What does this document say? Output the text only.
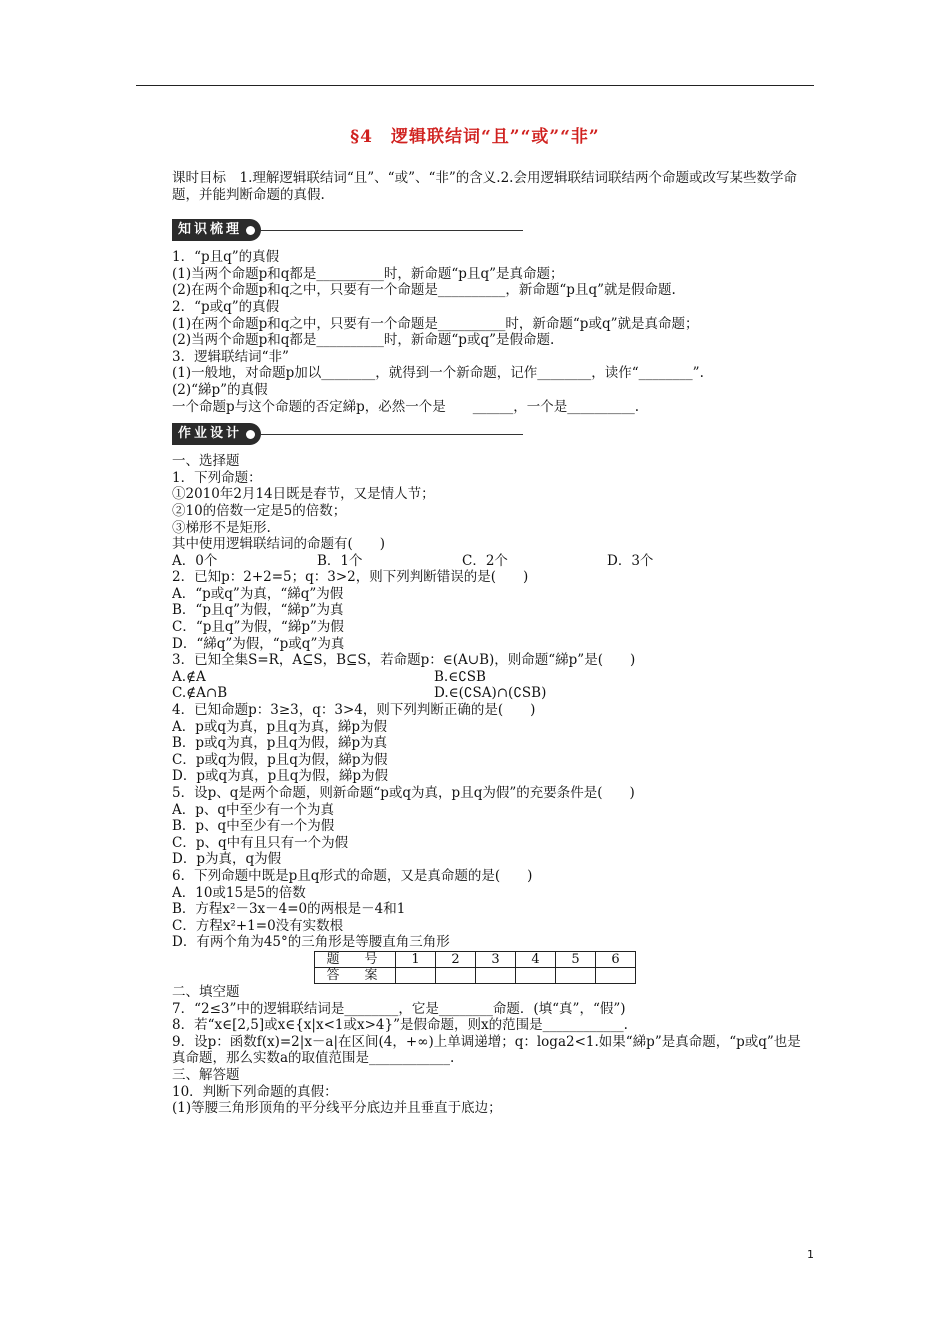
§4　逻辑联结词“且”“或”“非”
课时目标　1.理解逻辑联结词“且”、“或”、“非”的含义.2.会用逻辑联结词联结两个命题或改写某些数学命题，并能判断命题的真假.
知识梳理
1．“p且q”的真假
(1)当两个命题p和q都是__________时，新命题“p且q”是真命题；
(2)在两个命题p和q之中，只要有一个命题是__________，新命题“p且q”就是假命题.
2．“p或q”的真假
(1)在两个命题p和q之中，只要有一个命题是__________时，新命题“p或q”就是真命题；
(2)当两个命题p和q都是__________时，新命题“p或q”是假命题.
3．逻辑联结词“非”
(1)一般地，对命题p加以________，就得到一个新命题，记作________，读作“________”.
(2)“綈p”的真假
一个命题p与这个命题的否定綈p，必然一个是　　______，一个是__________.
作业设计
一、选择题
1．下列命题：
①2010年2月14日既是春节，又是情人节；
②10的倍数一定是5的倍数；
③梯形不是矩形.
其中使用逻辑联结词的命题有(　　)
A．0个	B．1个	C．2个	D．3个
2．已知p：2+2=5；q：3>2，则下列判断错误的是(　　)
A．“p或q”为真，“綈q”为假
B．“p且q”为假，“綈p”为真
C．“p且q”为假，“綈p”为假
D．“綈q”为假，“p或q”为真
3．已知全集S=R，A⊆S，B⊆S，若命题p：∈(A∪B)，则命题“綈p”是(　　)
A.∉A	B.∈∁SB
C.∉A∩B	D.∈(∁SA)∩(∁SB)
4．已知命题p：3≥3，q：3>4，则下列判断正确的是(　　)
A．p或q为真，p且q为真，綈p为假
B．p或q为真，p且q为假，綈p为真
C．p或q为假，p且q为假，綈p为假
D．p或q为真，p且q为假，綈p为假
5．设p、q是两个命题，则新命题“p或q为真，p且q为假”的充要条件是(　　)
A．p、q中至少有一个为真
B．p、q中至少有一个为假
C．p、q中有且只有一个为假
D．p为真，q为假
6．下列命题中既是p且q形式的命题，又是真命题的是(　　)
A．10或15是5的倍数
B．方程x²－3x－4=0的两根是－4和1
C．方程x²+1=0没有实数根
D．有两个角为45°的三角形是等腰直角三角形
题　号	1	2	3	4	5	6
答　案						
二、填空题
7．“2≤3”中的逻辑联结词是________，它是________命题．(填“真”，“假”)
8．若“x∈[2,5]或x∈{x|x<1或x>4}”是假命题，则x的范围是____________.
9．设p：函数f(x)=2|x－a|在区间(4，+∞)上单调递增；q：loga2<1.如果“綈p”是真命题，“p或q”也是真命题，那么实数a的取值范围是____________.
三、解答题
10．判断下列命题的真假：
(1)等腰三角形顶角的平分线平分底边并且垂直于底边；
1
